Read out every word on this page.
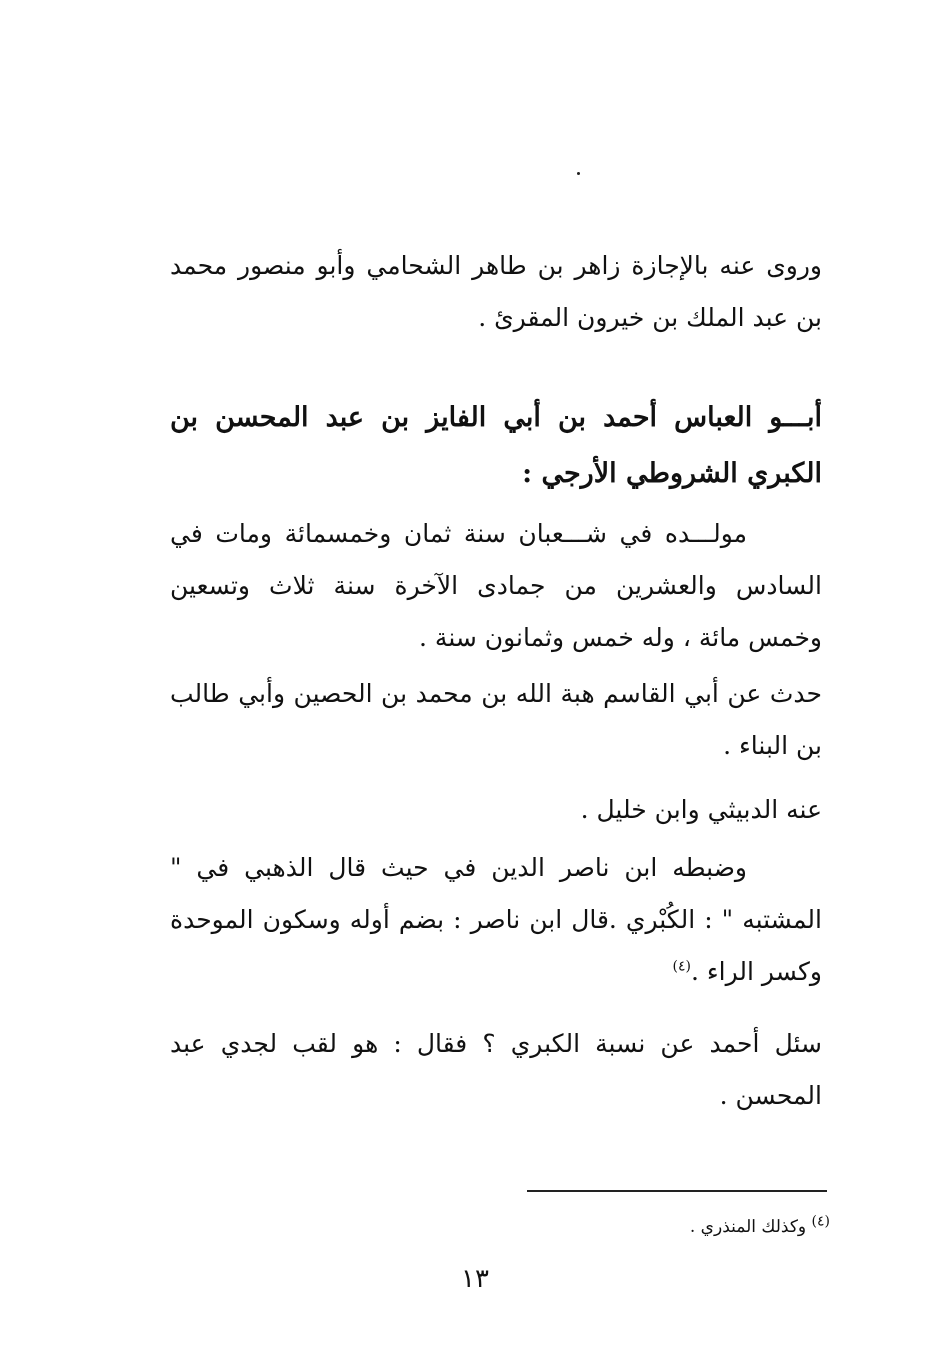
وروى عنه بالإجازة زاهر بن طاهر الشحامي وأبو منصور محمد بن عبد الملك بن خيرون المقرئ .
أبـــو العباس أحمد بن أبي الفايز بن عبد المحسن بن الكبري الشروطي الأرجي :
مولـــده في شـــعبان سنة ثمان وخمسمائة ومات في السادس والعشرين من جمادى الآخرة سنة ثلاث وتسعين وخمس مائة ، وله خمس وثمانون سنة .
حدث عن أبي القاسم هبة الله بن محمد بن الحصين وأبي طالب بن البناء .
عنه الدبيثي وابن خليل .
وضبطه ابن ناصر الدين في حيث قال الذهبي في " المشتبه " : الكُبْري .قال ابن ناصر : بضم أوله وسكون الموحدة وكسر الراء .$^{(٤)}$
سئل أحمد عن نسبة الكبري ؟ فقال : هو لقب لجدي عبد المحسن .
$^{(٤)}$ وكذلك المنذري .
١٣
